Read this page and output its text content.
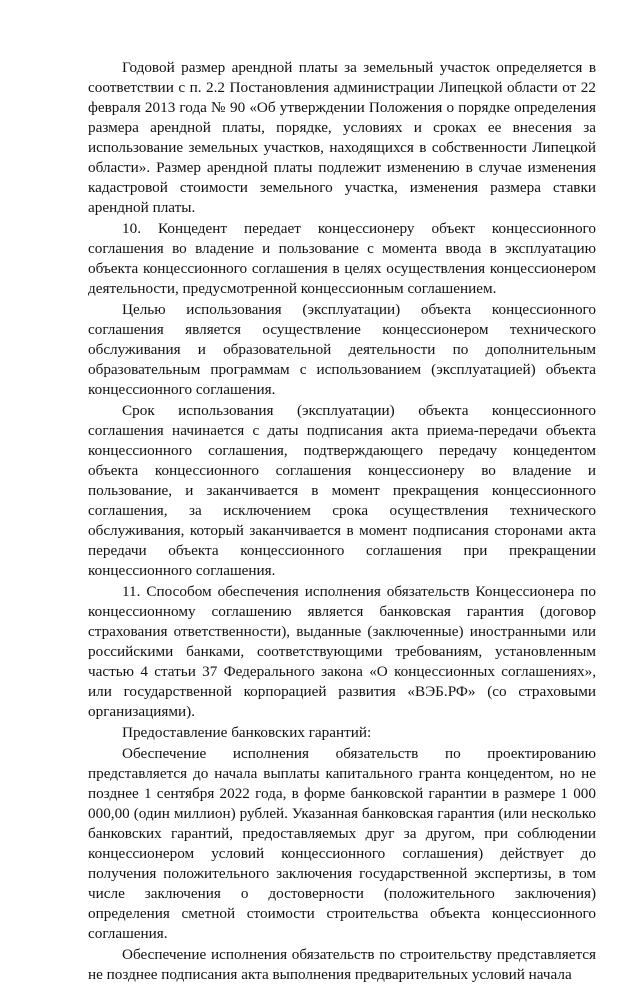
Годовой размер арендной платы за земельный участок определяется в соответствии с п. 2.2 Постановления администрации Липецкой области от 22 февраля 2013 года № 90 «Об утверждении Положения о порядке определения размера арендной платы, порядке, условиях и сроках ее внесения за использование земельных участков, находящихся в собственности Липецкой области». Размер арендной платы подлежит изменению в случае изменения кадастровой стоимости земельного участка, изменения размера ставки арендной платы.

10. Концедент передает концессионеру объект концессионного соглашения во владение и пользование с момента ввода в эксплуатацию объекта концессионного соглашения в целях осуществления концессионером деятельности, предусмотренной концессионным соглашением.

Целью использования (эксплуатации) объекта концессионного соглашения является осуществление концессионером технического обслуживания и образовательной деятельности по дополнительным образовательным программам с использованием (эксплуатацией) объекта концессионного соглашения.

Срок использования (эксплуатации) объекта концессионного соглашения начинается с даты подписания акта приема-передачи объекта концессионного соглашения, подтверждающего передачу концедентом объекта концессионного соглашения концессионеру во владение и пользование, и заканчивается в момент прекращения концессионного соглашения, за исключением срока осуществления технического обслуживания, который заканчивается в момент подписания сторонами акта передачи объекта концессионного соглашения при прекращении концессионного соглашения.

11. Способом обеспечения исполнения обязательств Концессионера по концессионному соглашению является банковская гарантия (договор страхования ответственности), выданные (заключенные) иностранными или российскими банками, соответствующими требованиям, установленным частью 4 статьи 37 Федерального закона «О концессионных соглашениях», или государственной корпорацией развития «ВЭБ.РФ» (со страховыми организациями).

Предоставление банковских гарантий:

Обеспечение исполнения обязательств по проектированию представляется до начала выплаты капитального гранта концедентом, но не позднее 1 сентября 2022 года, в форме банковской гарантии в размере 1 000 000,00 (один миллион) рублей. Указанная банковская гарантия (или несколько банковских гарантий, предоставляемых друг за другом, при соблюдении концессионером условий концессионного соглашения) действует до получения положительного заключения государственной экспертизы, в том числе заключения о достоверности (положительного заключения) определения сметной стоимости строительства объекта концессионного соглашения.

Обеспечение исполнения обязательств по строительству представляется не позднее подписания акта выполнения предварительных условий начала
